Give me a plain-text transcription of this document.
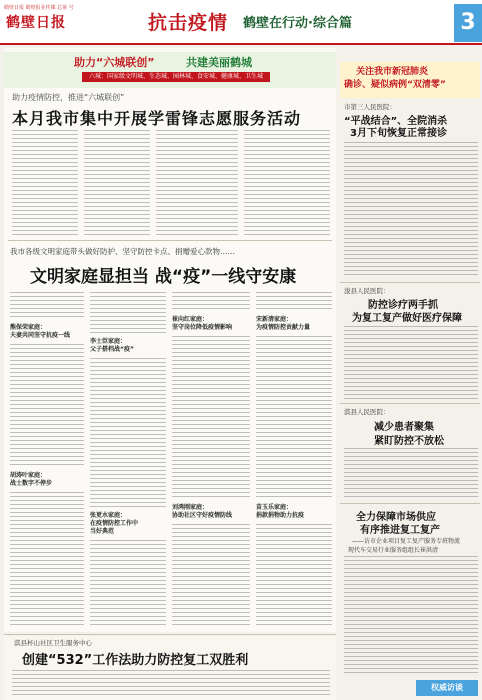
鹤壁日报 鹤壁报业传媒 总第 号
鹤壁日报	抗击疫情 鹤壁在行动·综合篇	3
助力“六城联创”	共建美丽鹤城
六城：国家级文明城、生态城、园林城、食安城、健康城、卫生城
助力疫情防控，推进“六城联创”
本月我市集中开展学雷锋志愿服务活动
我市各级文明家庭带头做好防护、坚守防控卡点、捐赠爱心款物……
文明家庭显担当 战“疫”一线守安康
熊保荣家庭：
夫妻共同坚守抗疫一线
胡涛叶家庭：
战士数字不停步
李士臣家庭：
父子搭档战“疫”
张更水家庭：
在疫情防控工作中
当好典范
崔向红家庭：
坚守岗位降低疫情影响
刘鸿刚家庭：
协助社区守好疫情防线
宋新清家庭：
为疫情防控贡献力量
苗玉乐家庭：
捐款捐物助力抗疫
淇县杯山社区卫生服务中心
创建“532”工作法助力防控复工双胜利
关注我市新冠肺炎
确诊、疑似病例“双清零”
市第三人民医院：
“平战结合”、全院消杀
3月下旬恢复正常接诊
浚县人民医院：
防控诊疗两手抓
为复工复产做好医疗保障
淇县人民医院：
减少患者聚集
紧盯防控不放松
全力保障市场供应
有序推进复工复产
——访市企业项目复工复产服务专班物流
现代车交易行业服务组组长崔洪清
权威访谈
